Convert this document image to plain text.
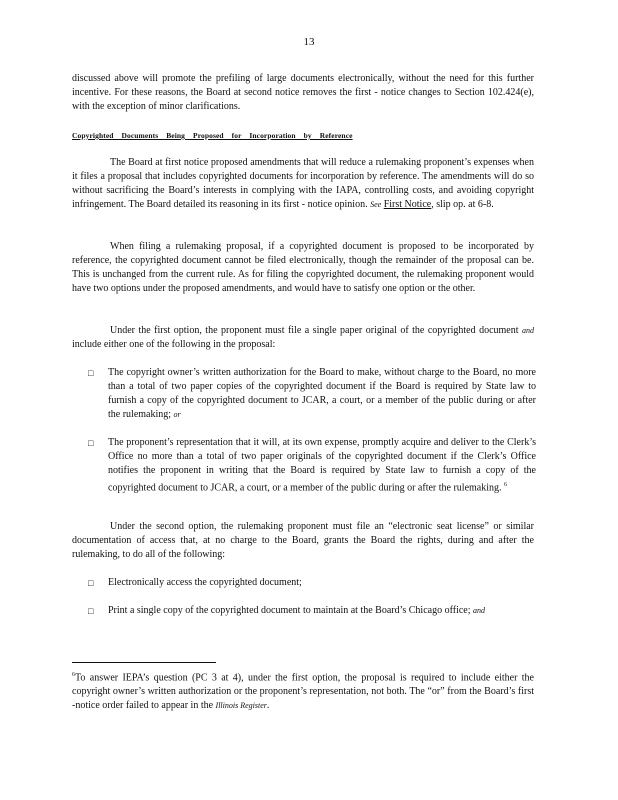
13

discussed above will promote the prefiling of large documents electronically, without the need for this further incentive. For these reasons, the Board at second notice removes the first - notice changes to Section 102.424(e), with the exception of minor clarifications.

Copyrighted Documents Being Proposed for Incorporation by Reference

The Board at first notice proposed amendments that will reduce a rulemaking proponent’s expenses when it files a proposal that includes copyrighted documents for incorporation by reference. The amendments will do so without sacrificing the Board’s interests in complying with the IAPA, controlling costs, and avoiding copyright infringement. The Board detailed its reasoning in its first - notice opinion. See First Notice, slip op. at 6-8.

When filing a rulemaking proposal, if a copyrighted document is proposed to be incorporated by reference, the copyrighted document cannot be filed electronically, though the remainder of the proposal can be. This is unchanged from the current rule. As for filing the copyrighted document, the rulemaking proponent would have two options under the proposed amendments, and would have to satisfy one option or the other.

Under the first option, the proponent must file a single paper original of the copyrighted document and include either one of the following in the proposal:

□	The copyright owner’s written authorization for the Board to make, without charge to the Board, no more than a total of two paper copies of the copyrighted document if the Board is required by State law to furnish a copy of the copyrighted document to JCAR, a court, or a member of the public during or after the rulemaking; or

□	The proponent’s representation that it will, at its own expense, promptly acquire and deliver to the Clerk’s Office no more than a total of two paper originals of the copyrighted document if the Clerk’s Office notifies the proponent in writing that the Board is required by State law to furnish a copy of the copyrighted document to JCAR, a court, or a member of the public during or after the rulemaking. $^6$

Under the second option, the rulemaking proponent must file an “electronic seat license” or similar documentation of access that, at no charge to the Board, grants the Board the rights, during and after the rulemaking, to do all of the following:

□	Electronically access the copyrighted document;

□	Print a single copy of the copyrighted document to maintain at the Board’s Chicago office; and

$^6$To answer IEPA’s question (PC 3 at 4), under the first option, the proposal is required to include either the copyright owner’s written authorization or the proponent’s representation, not both. The “or” from the Board’s first -notice order failed to appear in the Illinois Register.
